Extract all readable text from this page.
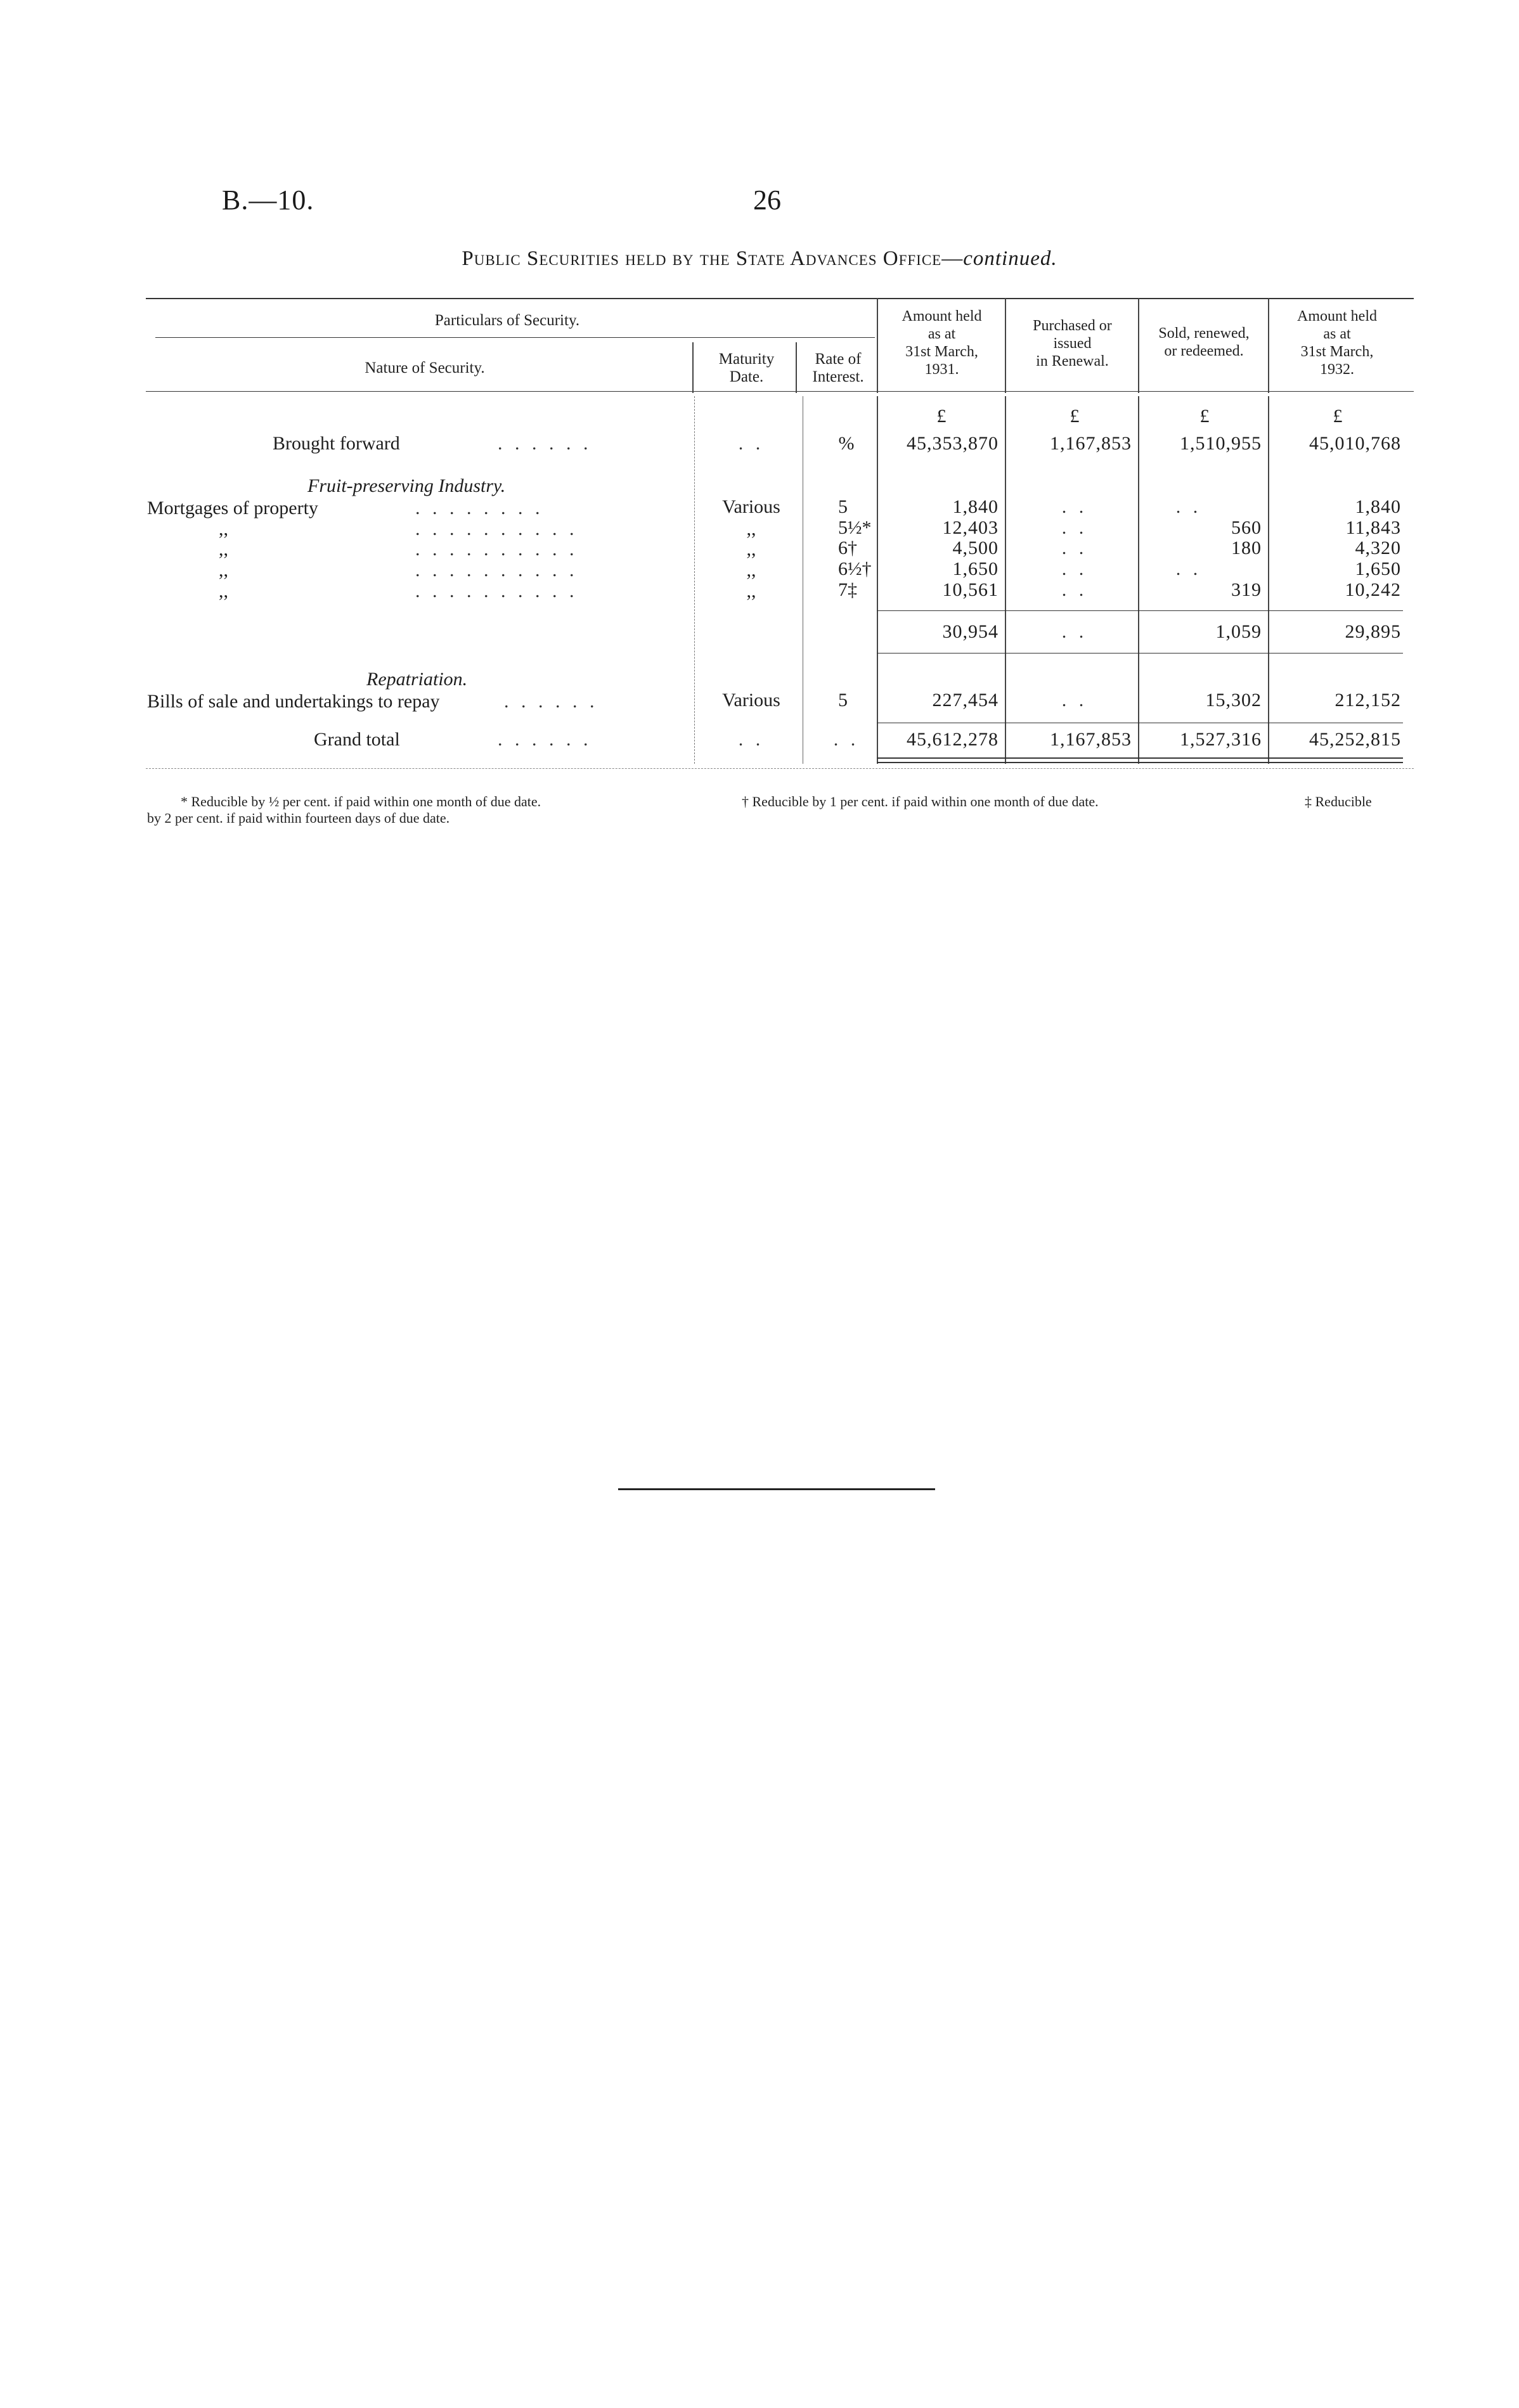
B.—10.	26
Public Securities held by the State Advances Office—continued.
Particulars of Security.
Nature of Security.
Maturity
Date.
Rate of
Interest.
Amount held
as at
31st March,
1931.
Purchased or
issued
in Renewal.
Sold, renewed,
or redeemed.
Amount held
as at
31st March,
1932.
£	£	£	£
Brought forward	. . . . . .	. .	%	45,353,870	1,167,853	1,510,955	45,010,768
Fruit-preserving Industry.
Mortgages of property	. . . . . . . .	Various	5	1,840	. .	. .	1,840
,,	. . . . . . . . . .	,,	5½*	12,403	. .	560	11,843
,,	. . . . . . . . . .	,,	6†	4,500	. .	180	4,320
,,	. . . . . . . . . .	,,	6½†	1,650	. .	. .	1,650
,,	. . . . . . . . . .	,,	7‡	10,561	. .	319	10,242
30,954	. .	1,059	29,895
Repatriation.
Bills of sale and undertakings to repay	. . . . . .	Various	5	227,454	. .	15,302	212,152
Grand total	. . . . . .	. .	. .	45,612,278	1,167,853	1,527,316	45,252,815
* Reducible by ½ per cent. if paid within one month of due date.	† Reducible by 1 per cent. if paid within one month of due date.	‡ Reducible
by 2 per cent. if paid within fourteen days of due date.
